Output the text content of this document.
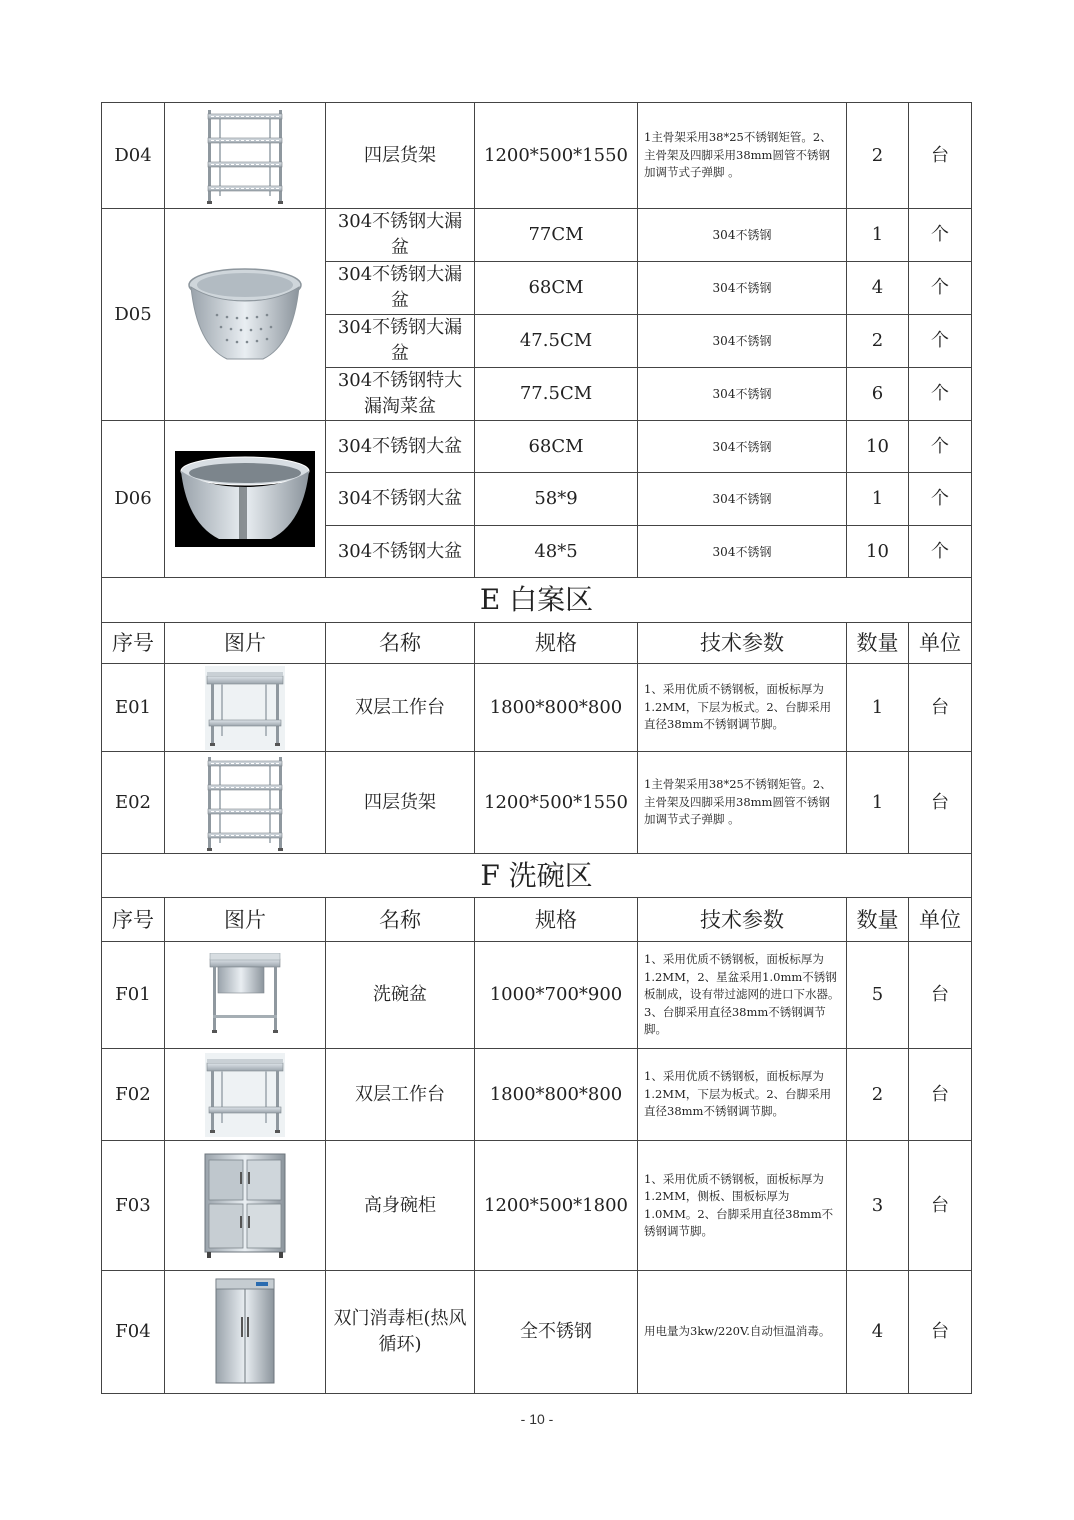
D04		四层货架	1200*500*1550	1主骨架采用38*25不锈钢矩管。2、主骨架及四脚采用38mm圆管不锈钢加调节式子弹脚 。	2	台
D05		304不锈钢大漏盆	77CM	304不锈钢	1	个
		304不锈钢大漏盆	68CM	304不锈钢	4	个
		304不锈钢大漏盆	47.5CM	304不锈钢	2	个
		304不锈钢特大漏淘菜盆	77.5CM	304不锈钢	6	个
D06		304不锈钢大盆	68CM	304不锈钢	10	个
		304不锈钢大盆	58*9	304不锈钢	1	个
		304不锈钢大盆	48*5	304不锈钢	10	个
E 白案区						
序号	图片	名称	规格	技术参数	数量	单位
E01		双层工作台	1800*800*800	1、采用优质不锈钢板，面板标厚为1.2MM，下层为板式。2、台脚采用直径38mm不锈钢调节脚。	1	台
E02		四层货架	1200*500*1550	1主骨架采用38*25不锈钢矩管。2、主骨架及四脚采用38mm圆管不锈钢加调节式子弹脚 。	1	台
F 洗碗区						
序号	图片	名称	规格	技术参数	数量	单位
F01		洗碗盆	1000*700*900	1、采用优质不锈钢板，面板标厚为1.2MM，2、星盆采用1.0mm不锈钢板制成，设有带过滤网的进口下水器。3、台脚采用直径38mm不锈钢调节脚。	5	台
F02		双层工作台	1800*800*800	1、采用优质不锈钢板，面板标厚为1.2MM，下层为板式。2、台脚采用直径38mm不锈钢调节脚。	2	台
F03		高身碗柜	1200*500*1800	1、采用优质不锈钢板，面板标厚为1.2MM，侧板、围板标厚为1.0MM。2、台脚采用直径38mm不锈钢调节脚。	3	台
F04		双门消毒柜(热风循环)	全不锈钢	用电量为3kw/220V.自动恒温消毒。	4	台
- 10 -
